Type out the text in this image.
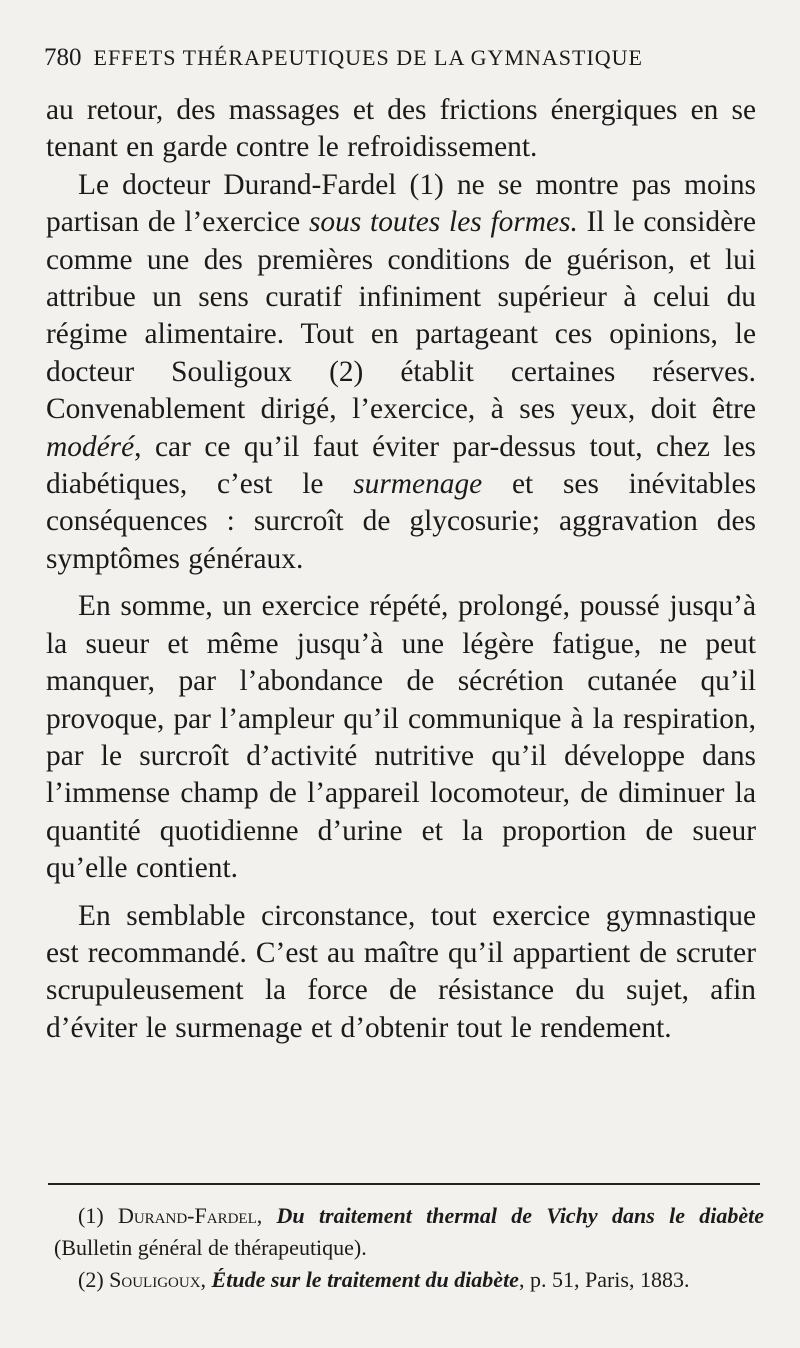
780 EFFETS THÉRAPEUTIQUES DE LA GYMNASTIQUE

au retour, des massages et des frictions énergiques en se tenant en garde contre le refroidissement.

Le docteur Durand-Fardel (1) ne se montre pas moins partisan de l’exercice sous toutes les formes. Il le considère comme une des premières conditions de guérison, et lui attribue un sens curatif infiniment supérieur à celui du régime alimentaire. Tout en partageant ces opinions, le docteur Souligoux (2) établit certaines réserves. Convenablement dirigé, l’exercice, à ses yeux, doit être modéré, car ce qu’il faut éviter par-dessus tout, chez les diabétiques, c’est le surmenage et ses inévitables conséquences : surcroît de glycosurie; aggravation des symptômes généraux.

En somme, un exercice répété, prolongé, poussé jusqu’à la sueur et même jusqu’à une légère fatigue, ne peut manquer, par l’abondance de sécrétion cutanée qu’il provoque, par l’ampleur qu’il communique à la respiration, par le surcroît d’activité nutritive qu’il développe dans l’immense champ de l’appareil locomoteur, de diminuer la quantité quotidienne d’urine et la proportion de sueur qu’elle contient.

En semblable circonstance, tout exercice gymnastique est recommandé. C’est au maître qu’il appartient de scruter scrupuleusement la force de résistance du sujet, afin d’éviter le surmenage et d’obtenir tout le rendement.

(1) Durand-Fardel, Du traitement thermal de Vichy dans le diabète (Bulletin général de thérapeutique).

(2) Souligoux, Étude sur le traitement du diabète, p. 51, Paris, 1883.
